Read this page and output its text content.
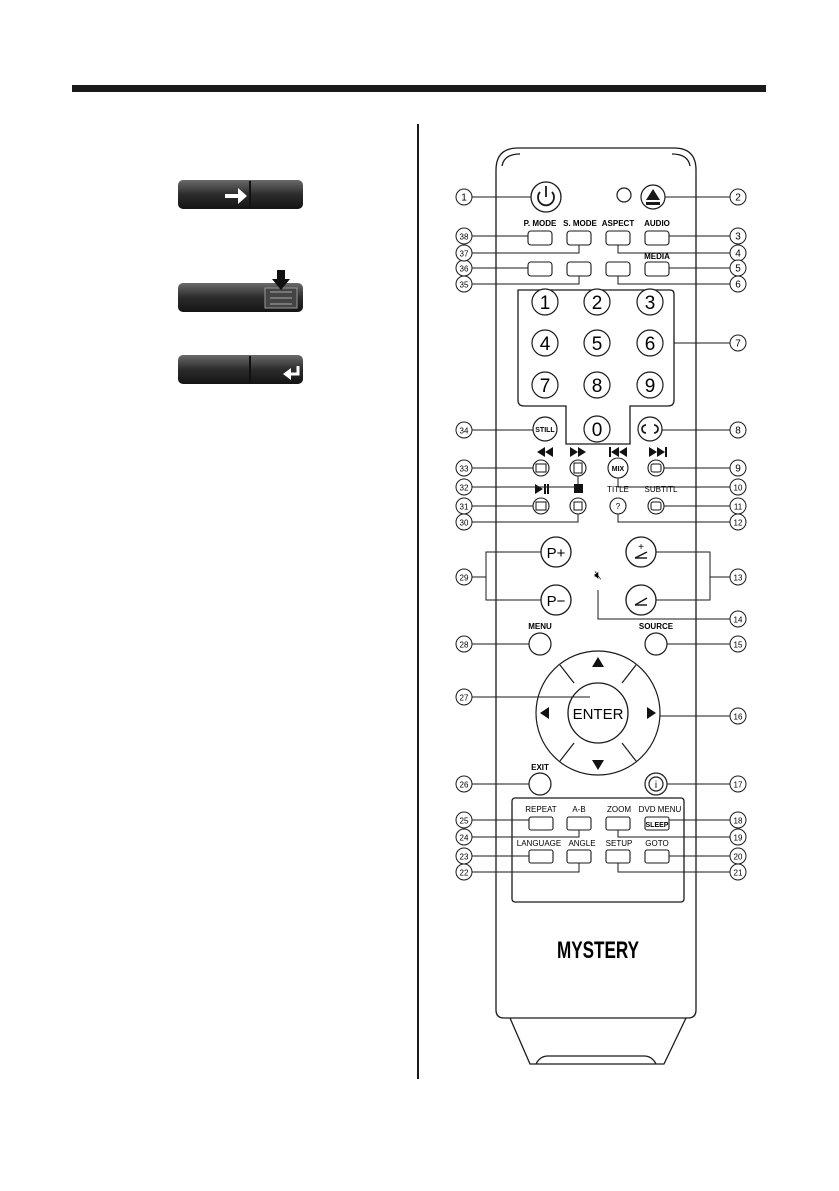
P. MODE S. MODE ASPECT AUDIO
MEDIA
1 2 3
4 5 6
7 8 9
0
STILL
MIX
TITLE SUBTITL
?
P+
P−
+
🔇︎
MENU	SOURCE
ENTER
EXIT
i
REPEAT A-B	ZOOM DVD MENU
SLEEP
LANGUAGE ANGLE SETUP GOTO
MYSTERY
1	2
3
4
5
6
7
8
9
10
11
12
13
14
15
16
17
18
19
20
21
22
23
24
25
26
27
28
29
30
31
32
33
34
35
36
37
38
